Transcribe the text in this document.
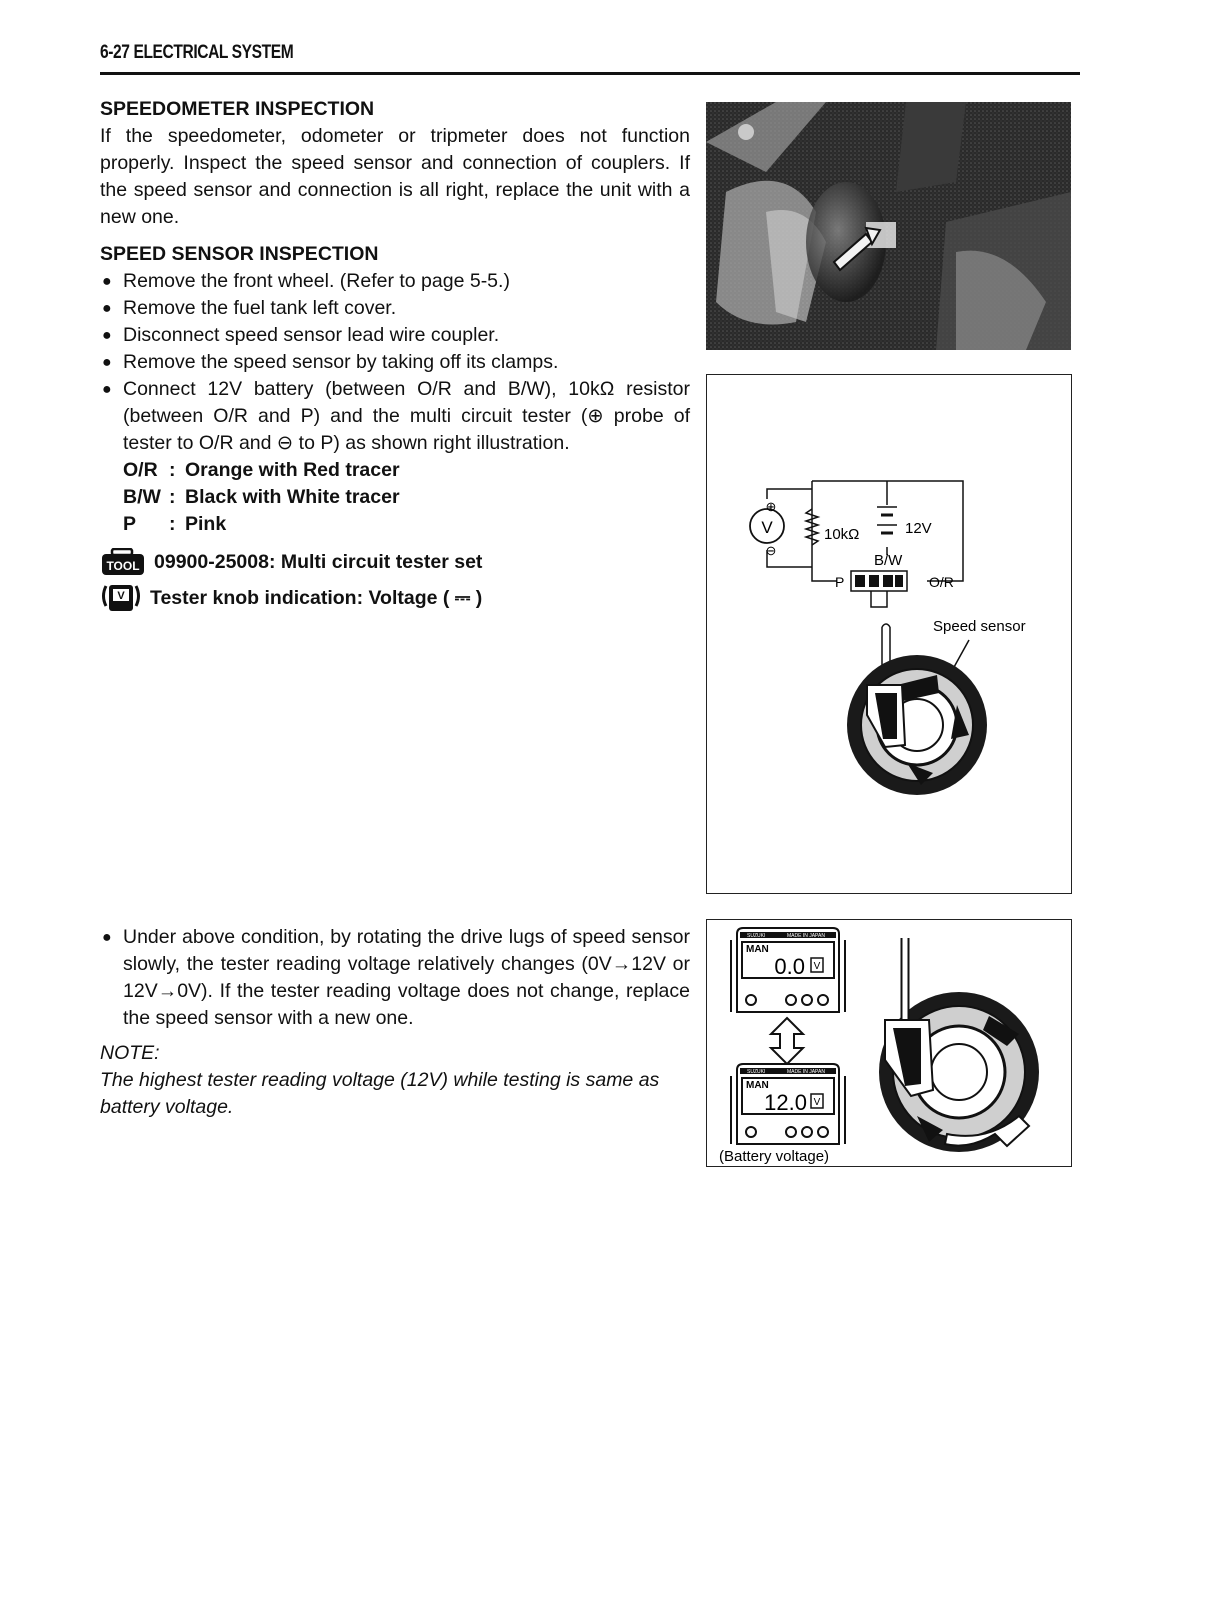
6-27 ELECTRICAL SYSTEM
SPEEDOMETER INSPECTION

If the speedometer, odometer or tripmeter does not function properly. Inspect the speed sensor and connection of couplers. If the speed sensor and connection is all right, replace the unit with a new one.

SPEED SENSOR INSPECTION
● Remove the front wheel. (Refer to page 5-5.)
● Remove the fuel tank left cover.
● Disconnect speed sensor lead wire coupler.
● Remove the speed sensor by taking off its clamps.
● Connect 12V battery (between O/R and B/W), 10kΩ resistor (between O/R and P) and the multi circuit tester (⊕ probe of tester to O/R and ⊖ to P) as shown right illustration.
O/R	:	Orange with Red tracer
B/W	:	Black with White tracer
P	:	Pink
TOOL 09900-25008: Multi circuit tester set
V Tester knob indication: Voltage ( ⎓ )
● Under above condition, by rotating the drive lugs of speed sensor slowly, the tester reading voltage relatively changes (0V→12V or 12V→0V). If the tester reading voltage does not change, replace the speed sensor with a new one.
NOTE:
The highest tester reading voltage (12V) while testing is same as battery voltage.
V
⊕
⊖
10kΩ	12V
B/W
P	O/R
Speed sensor
SUZUKI	MADE IN JAPAN
MAN
0.0 V
SUZUKI	MADE IN JAPAN
MAN
12.0 V
(Battery voltage)
